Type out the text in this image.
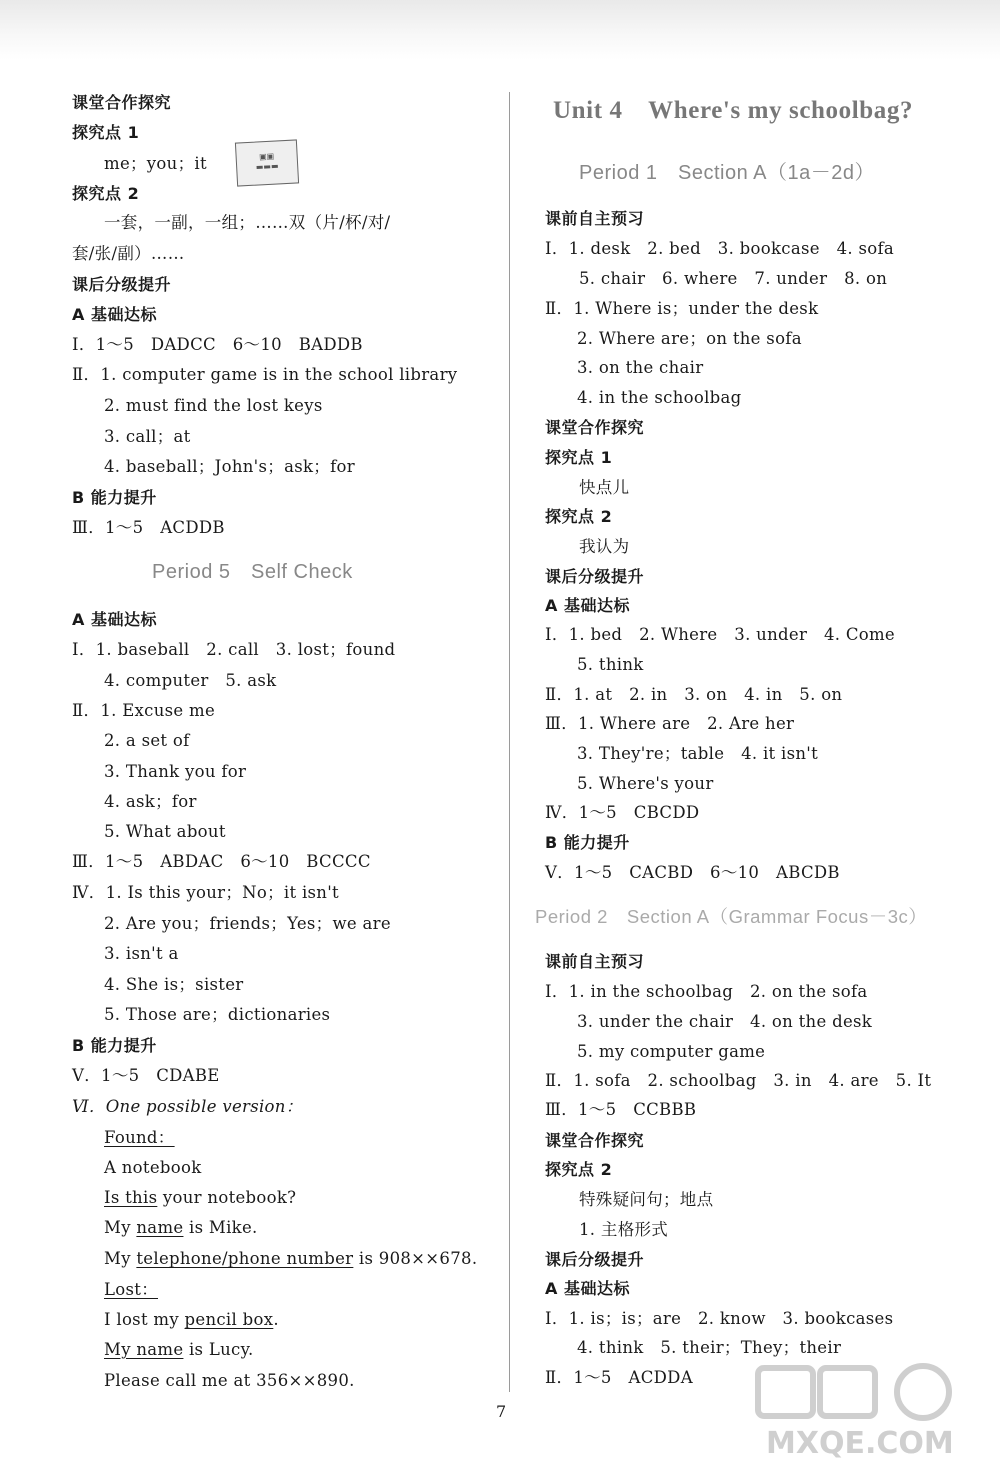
▣▣
▬▬▬
课堂合作探究
探究点 1
me；you；it
探究点 2
一套，一副，一组；……双（片/杯/对/
套/张/副）……
课后分级提升
A 基础达标
Ⅰ．1～5　DADCC　6～10　BADDB
Ⅱ．1. computer game is in the school library
2. must find the lost keys
3. call；at
4. baseball；John's；ask；for
B 能力提升
Ⅲ．1～5　ACDDB
Period 5　Self Check
A 基础达标
Ⅰ．1. baseball　2. call　3. lost；found
4. computer　5. ask
Ⅱ．1. Excuse me
2. a set of
3. Thank you for
4. ask；for
5. What about
Ⅲ．1～5　ABDAC　6～10　BCCCC
Ⅳ．1. Is this your；No；it isn't
2. Are you；friends；Yes；we are
3. isn't a
4. She is；sister
5. Those are；dictionaries
B 能力提升
Ⅴ．1～5　CDABE
Ⅵ．One possible version：
Found：
A notebook
Is this your notebook?
My name is Mike.
My telephone/phone number is 908××678.
Lost：
I lost my pencil box.
My name is Lucy.
Please call me at 356××890.
Unit 4　Where's my schoolbag?
Period 1　Section A（1a－2d）
课前自主预习
Ⅰ．1. desk　2. bed　3. bookcase　4. sofa
5. chair　6. where　7. under　8. on
Ⅱ．1. Where is；under the desk
2. Where are；on the sofa
3. on the chair
4. in the schoolbag
课堂合作探究
探究点 1
快点儿
探究点 2
我认为
课后分级提升
A 基础达标
Ⅰ．1. bed　2. Where　3. under　4. Come
5. think
Ⅱ．1. at　2. in　3. on　4. in　5. on
Ⅲ．1. Where are　2. Are her
3. They're；table　4. it isn't
5. Where's your
Ⅳ．1～5　CBCDD
B 能力提升
Ⅴ．1～5　CACBD　6～10　ABCDB
Period 2　Section A（Grammar Focus－3c）
课前自主预习
Ⅰ．1. in the schoolbag　2. on the sofa
3. under the chair　4. on the desk
5. my computer game
Ⅱ．1. sofa　2. schoolbag　3. in　4. are　5. It
Ⅲ．1～5　CCBBB
课堂合作探究
探究点 2
特殊疑问句；地点
1. 主格形式
课后分级提升
A 基础达标
Ⅰ．1. is；is；are　2. know　3. bookcases
4. think　5. their；They；their
Ⅱ．1～5　ACDDA
7
MXQE.COM
